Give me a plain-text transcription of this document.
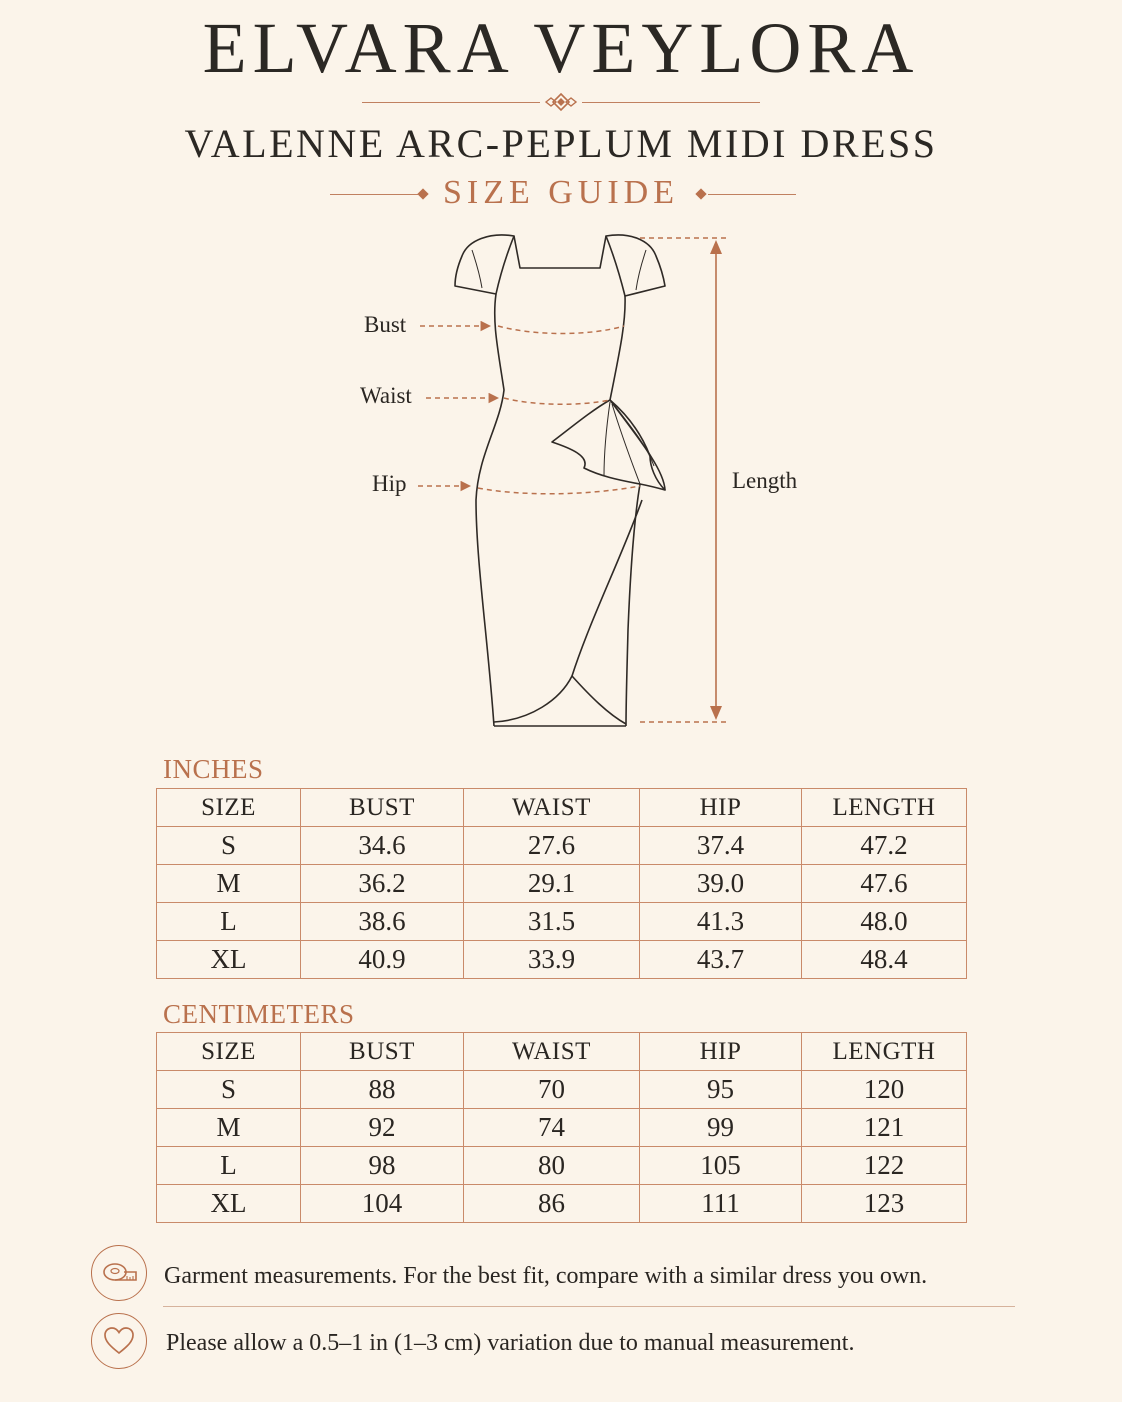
ELVARA VEYLORA
VALENNE ARC-PEPLUM MIDI DRESS
SIZE GUIDE
Bust
Waist
Hip	Length
INCHES
SIZE	BUST	WAIST	HIP	LENGTH
S	34.6	27.6	37.4	47.2
M	36.2	29.1	39.0	47.6
L	38.6	31.5	41.3	48.0
XL	40.9	33.9	43.7	48.4
CENTIMETERS
SIZE	BUST	WAIST	HIP	LENGTH
S	88	70	95	120
M	92	74	99	121
L	98	80	105	122
XL	104	86	111	123
Garment measurements. For the best fit, compare with a similar dress you own.
Please allow a 0.5–1 in (1–3 cm) variation due to manual measurement.
